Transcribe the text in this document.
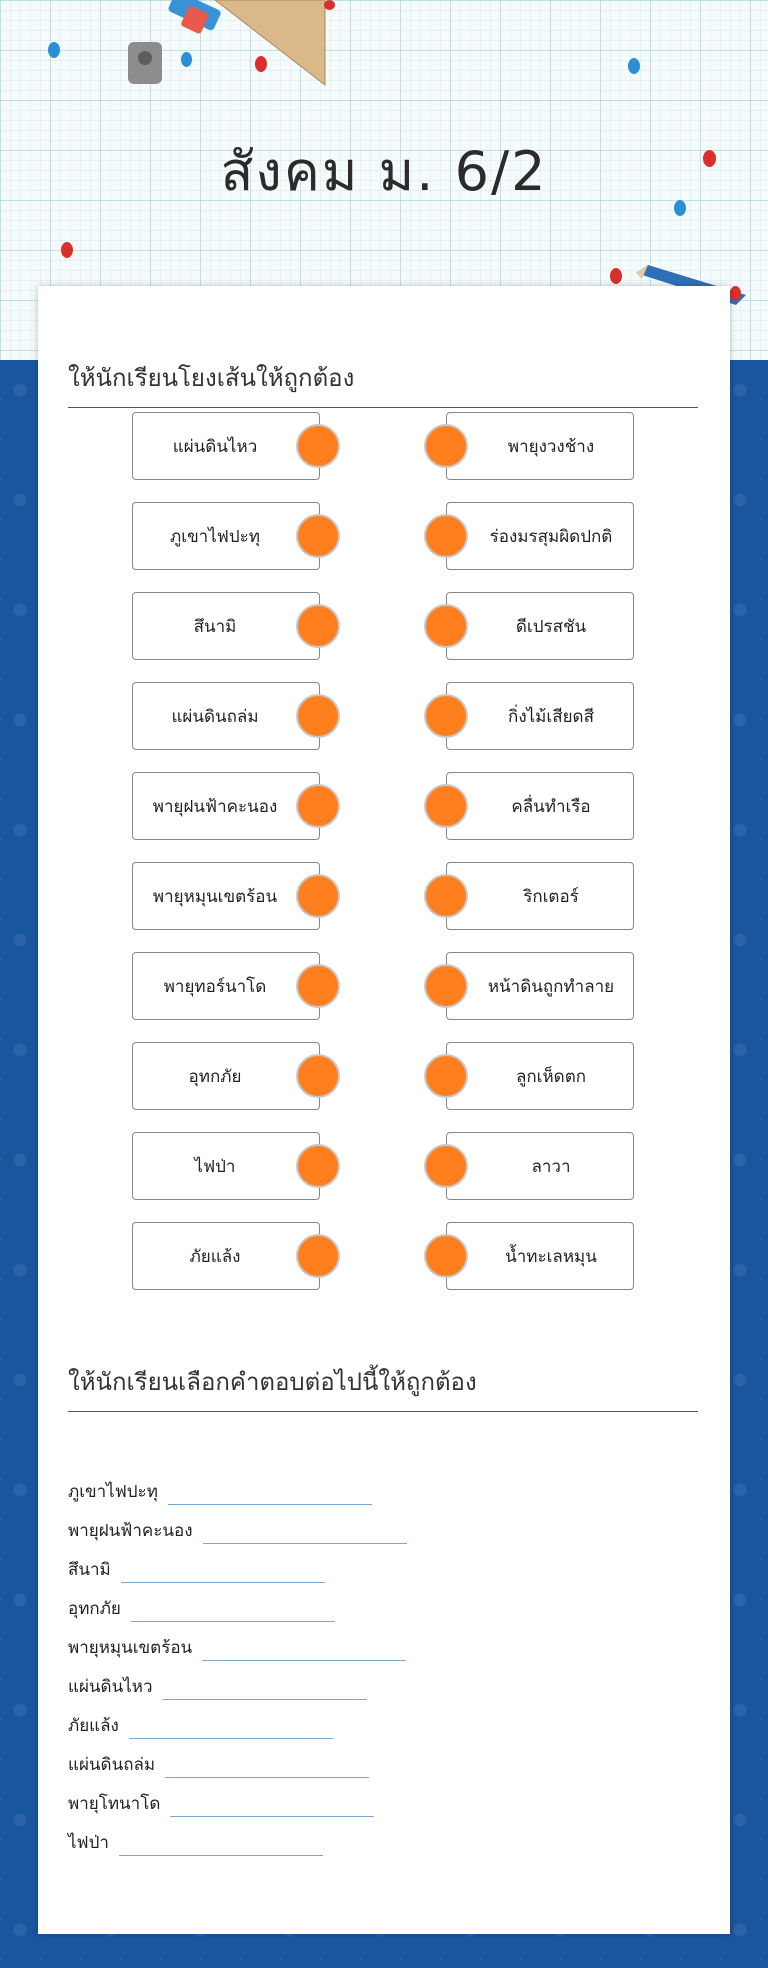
สังคม ม. 6/2
ให้นักเรียนโยงเส้นให้ถูกต้อง
แผ่นดินไหว	พายุงวงช้าง
ภูเขาไฟปะทุ	ร่องมรสุมผิดปกติ
สึนามิ	ดีเปรสชัน
แผ่นดินถล่ม	กิ่งไม้เสียดสี
พายุฝนฟ้าคะนอง	คลื่นทำเรือ
พายุหมุนเขตร้อน	ริกเตอร์
พายุทอร์นาโด	หน้าดินถูกทำลาย
อุทกภัย	ลูกเห็ดตก
ไฟป่า	ลาวา
ภัยแล้ง	น้ำทะเลหมุน
ให้นักเรียนเลือกคำตอบต่อไปนี้ให้ถูกต้อง
ภูเขาไฟปะทุ
พายุฝนฟ้าคะนอง
สึนามิ
อุทกภัย
พายุหมุนเขตร้อน
แผ่นดินไหว
ภัยแล้ง
แผ่นดินถล่ม
พายุโทนาโด
ไฟป่า
